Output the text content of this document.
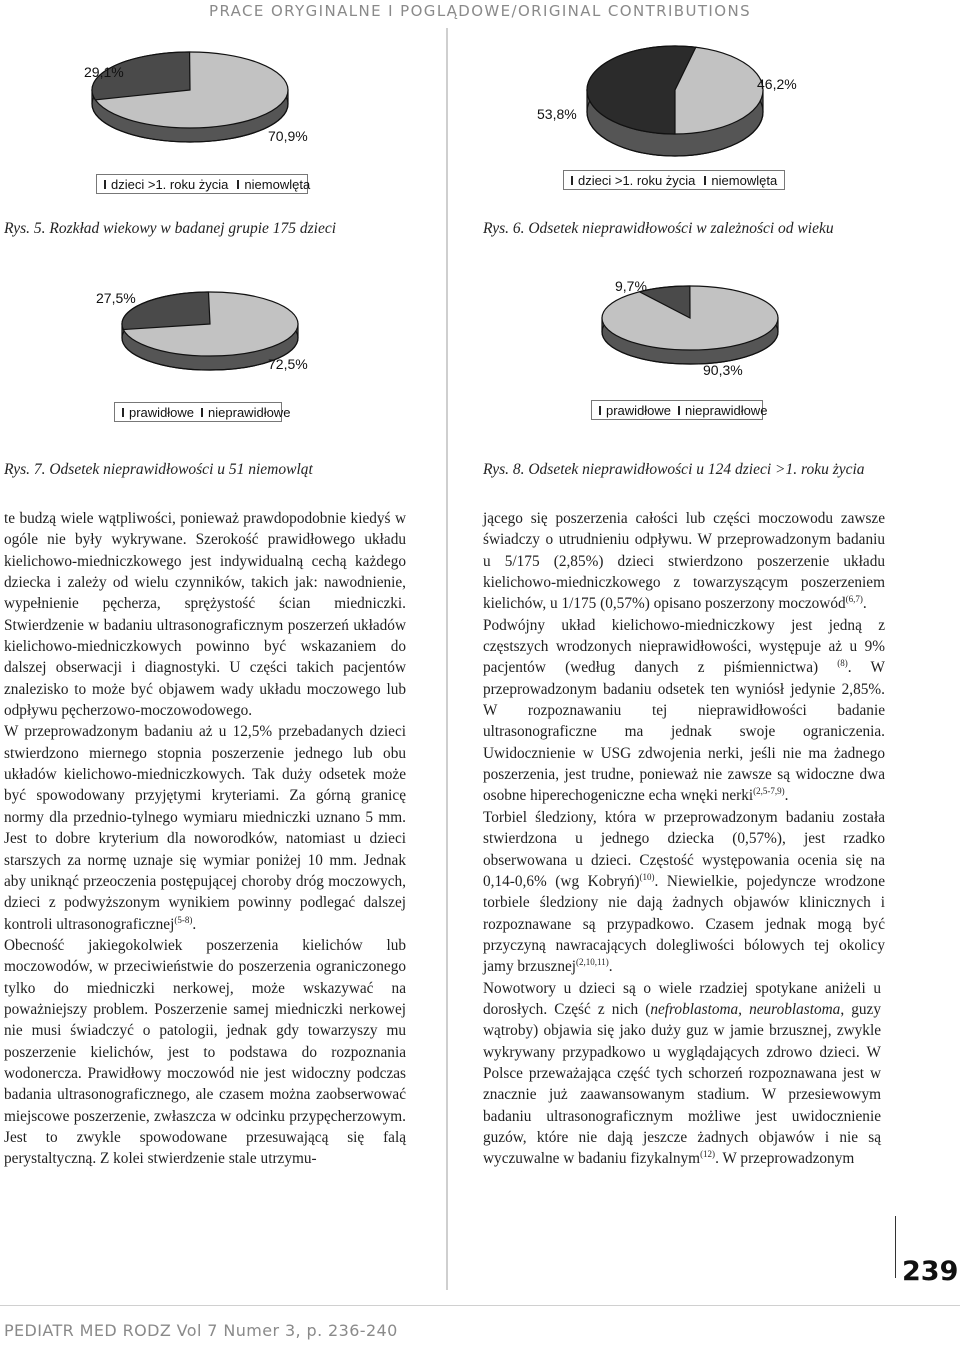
PRACE ORYGINALNE I POGLĄDOWE/ORIGINAL CONTRIBUTIONS
29,1%
70,9%
dzieci >1. roku życia niemowlęta
Rys. 5. Rozkład wiekowy w badanej grupie 175 dzieci
53,8%
46,2%
dzieci >1. roku życia niemowlęta
Rys. 6. Odsetek nieprawidłowości w zależności od wieku
27,5%
72,5%
prawidłowe nieprawidłowe
Rys. 7. Odsetek nieprawidłowości u 51 niemowląt
9,7%
90,3%
prawidłowe nieprawidłowe
Rys. 8. Odsetek nieprawidłowości u 124 dzieci >1. roku życia

te budzą wiele wątpliwości, ponieważ prawdopodobnie kiedyś w ogóle nie były wykrywane. Szerokość prawidłowego układu kielichowo-miedniczkowego jest indywidualną cechą każdego dziecka i zależy od wielu czynników, takich jak: nawodnienie, wypełnienie pęcherza, sprężystość ścian miedniczki. Stwierdzenie w badaniu ultrasonograficznym poszerzeń układów kielichowo-miedniczkowych powinno być wskazaniem do dalszej obserwacji i diagnostyki. U części takich pacjentów znalezisko to może być objawem wady układu moczowego lub odpływu pęcherzowo-moczowodowego.

W przeprowadzonym badaniu aż u 12,5% przebadanych dzieci stwierdzono miernego stopnia poszerzenie jednego lub obu układów kielichowo-miedniczkowych. Tak duży odsetek może być spowodowany przyjętymi kryteriami. Za górną granicę normy dla przednio-tylnego wymiaru miedniczki uznano 5 mm. Jest to dobre kryterium dla noworodków, natomiast u dzieci starszych za normę uznaje się wymiar poniżej 10 mm. Jednak aby uniknąć przeoczenia postępującej choroby dróg moczowych, dzieci z podwyższonym wynikiem powinny podlegać dalszej kontroli ultrasonograficznej$^{(5-8)}$.

Obecność jakiegokolwiek poszerzenia kielichów lub moczowodów, w przeciwieństwie do poszerzenia ograniczonego tylko do miedniczki nerkowej, może wskazywać na poważniejszy problem. Poszerzenie samej miedniczki nerkowej nie musi świadczyć o patologii, jednak gdy towarzyszy mu poszerzenie kielichów, jest to podstawa do rozpoznania wodonercza. Prawidłowy moczowód nie jest widoczny podczas badania ultrasonograficznego, ale czasem można zaobserwować miejscowe poszerzenie, zwłaszcza w odcinku przypęcherzowym. Jest to zwykle spowodowane przesuwającą się falą perystaltyczną. Z kolei stwierdzenie stale utrzymu-

jącego się poszerzenia całości lub części moczowodu zawsze świadczy o utrudnieniu odpływu. W przeprowadzonym badaniu u 5/175 (2,85%) dzieci stwierdzono poszerzenie układu kielichowo-miedniczkowego z towarzyszącym poszerzeniem kielichów, u 1/175 (0,57%) opisano poszerzony moczowód$^{(6,7)}$.

Podwójny układ kielichowo-miedniczkowy jest jedną z częstszych wrodzonych nieprawidłowości, występuje aż u 9% pacjentów (według danych z piśmiennictwa) $^{(8)}$. W przeprowadzonym badaniu odsetek ten wyniósł jedynie 2,85%. W rozpoznawaniu tej nieprawidłowości badanie ultrasonograficzne ma jednak swoje ograniczenia. Uwidocznienie w USG zdwojenia nerki, jeśli nie ma żadnego poszerzenia, jest trudne, ponieważ nie zawsze są widoczne dwa osobne hiperechogeniczne echa wnęki nerki$^{(2,5-7,9)}$.

Torbiel śledziony, która w przeprowadzonym badaniu została stwierdzona u jednego dziecka (0,57%), jest rzadko obserwowana u dzieci. Częstość występowania ocenia się na 0,14-0,6% (wg Kobryń)$^{(10)}$. Niewielkie, pojedyncze wrodzone torbiele śledziony nie dają żadnych objawów klinicznych i rozpoznawane są przypadkowo. Czasem jednak mogą być przyczyną nawracających dolegliwości bólowych tej okolicy jamy brzusznej$^{(2,10,11)}$.

Nowotwory u dzieci są o wiele rzadziej spotykane aniżeli u dorosłych. Część z nich (nefroblastoma, neuroblastoma, guzy wątroby) objawia się jako duży guz w jamie brzusznej, zwykle wykrywany przypadkowo u wyglądających zdrowo dzieci. W Polsce przeważająca część tych schorzeń rozpoznawana jest w znacznie już zaawansowanym stadium. W przesiewowym badaniu ultrasonograficznym możliwe jest uwidocznienie guzów, które nie dają jeszcze żadnych objawów i nie są wyczuwalne w badaniu fizykalnym$^{(12)}$. W przeprowadzonym

239
PEDIATR MED RODZ Vol 7 Numer 3, p. 236-240
